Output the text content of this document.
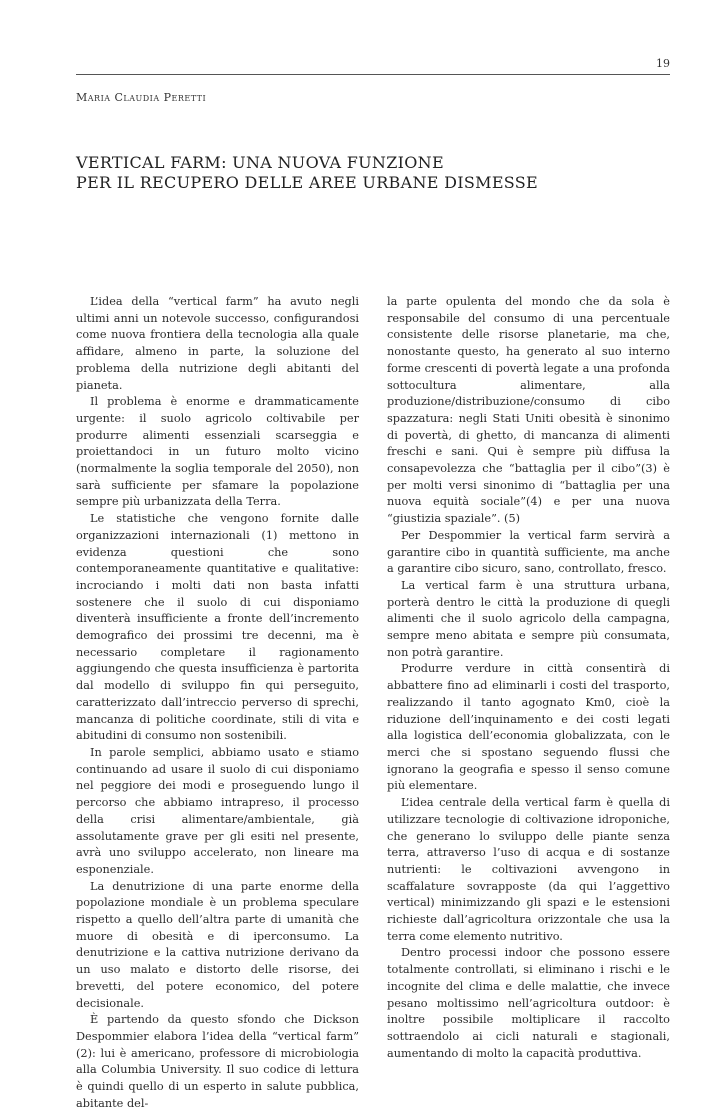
19
Maria Claudia Peretti
VERTICAL FARM: UNA NUOVA FUNZIONE
PER IL RECUPERO DELLE AREE URBANE DISMESSE

L’idea della “vertical farm” ha avuto negli ultimi anni un notevole successo, configurandosi come nuova frontiera della tecnologia alla quale affidare, almeno in parte, la soluzione del problema della nutrizione degli abitanti del pianeta.

Il problema è enorme e drammaticamente urgente: il suolo agricolo coltivabile per produrre alimenti essenziali scarseggia e proiettandoci in un futuro molto vicino (normalmente la soglia temporale del 2050), non sarà sufficiente per sfamare la popolazione sempre più urbanizzata della Terra.

Le statistiche che vengono fornite dalle organizzazioni internazionali (1) mettono in evidenza questioni che sono contemporaneamente quantitative e qualitative: incrociando i molti dati non basta infatti sostenere che il suolo di cui disponiamo diventerà insufficiente a fronte dell’incremento demografico dei prossimi tre decenni, ma è necessario completare il ragionamento aggiungendo che questa insufficienza è partorita dal modello di sviluppo fin qui perseguito, caratterizzato dall’intreccio perverso di sprechi, mancanza di politiche coordinate, stili di vita e abitudini di consumo non sostenibili.

In parole semplici, abbiamo usato e stiamo continuando ad usare il suolo di cui disponiamo nel peggiore dei modi e proseguendo lungo il percorso che abbiamo intrapreso, il processo della crisi alimentare/ambientale, già assolutamente grave per gli esiti nel presente, avrà uno sviluppo accelerato, non lineare ma esponenziale.

La denutrizione di una parte enorme della popolazione mondiale è un problema speculare rispetto a quello dell’altra parte di umanità che muore di obesità e di iperconsumo. La denutrizione e la cattiva nutrizione derivano da un uso malato e distorto delle risorse, dei brevetti, del potere economico, del potere decisionale.

È partendo da questo sfondo che Dickson Despommier elabora l’idea della “vertical farm” (2): lui è americano, professore di microbiologia alla Columbia University. Il suo codice di lettura è quindi quello di un esperto in salute pubblica, abitante del-

la parte opulenta del mondo che da sola è responsabile del consumo di una percentuale consistente delle risorse planetarie, ma che, nonostante questo, ha generato al suo interno forme crescenti di povertà legate a una profonda sottocultura alimentare, alla produzione/distribuzione/consumo di cibo spazzatura: negli Stati Uniti obesità è sinonimo di povertà, di ghetto, di mancanza di alimenti freschi e sani. Qui è sempre più diffusa la consapevolezza che “battaglia per il cibo”(3) è per molti versi sinonimo di “battaglia per una nuova equità sociale”(4) e per una nuova “giustizia spaziale”. (5)

Per Despommier la vertical farm servirà a garantire cibo in quantità sufficiente, ma anche a garantire cibo sicuro, sano, controllato, fresco.

La vertical farm è una struttura urbana, porterà dentro le città la produzione di quegli alimenti che il suolo agricolo della campagna, sempre meno abitata e sempre più consumata, non potrà garantire.

Produrre verdure in città consentirà di abbattere fino ad eliminarli i costi del trasporto, realizzando il tanto agognato Km0, cioè la riduzione dell’inquinamento e dei costi legati alla logistica dell’economia globalizzata, con le merci che si spostano seguendo flussi che ignorano la geografia e spesso il senso comune più elementare.

L’idea centrale della vertical farm è quella di utilizzare tecnologie di coltivazione idroponiche, che generano lo sviluppo delle piante senza terra, attraverso l’uso di acqua e di sostanze nutrienti: le coltivazioni avvengono in scaffalature sovrapposte (da qui l’aggettivo vertical) minimizzando gli spazi e le estensioni richieste dall’agricoltura orizzontale che usa la terra come elemento nutritivo.

Dentro processi indoor che possono essere totalmente controllati, si eliminano i rischi e le incognite del clima e delle malattie, che invece pesano moltissimo nell’agricoltura outdoor: è inoltre possibile moltiplicare il raccolto sottraendolo ai cicli naturali e stagionali, aumentando di molto la capacità produttiva.
